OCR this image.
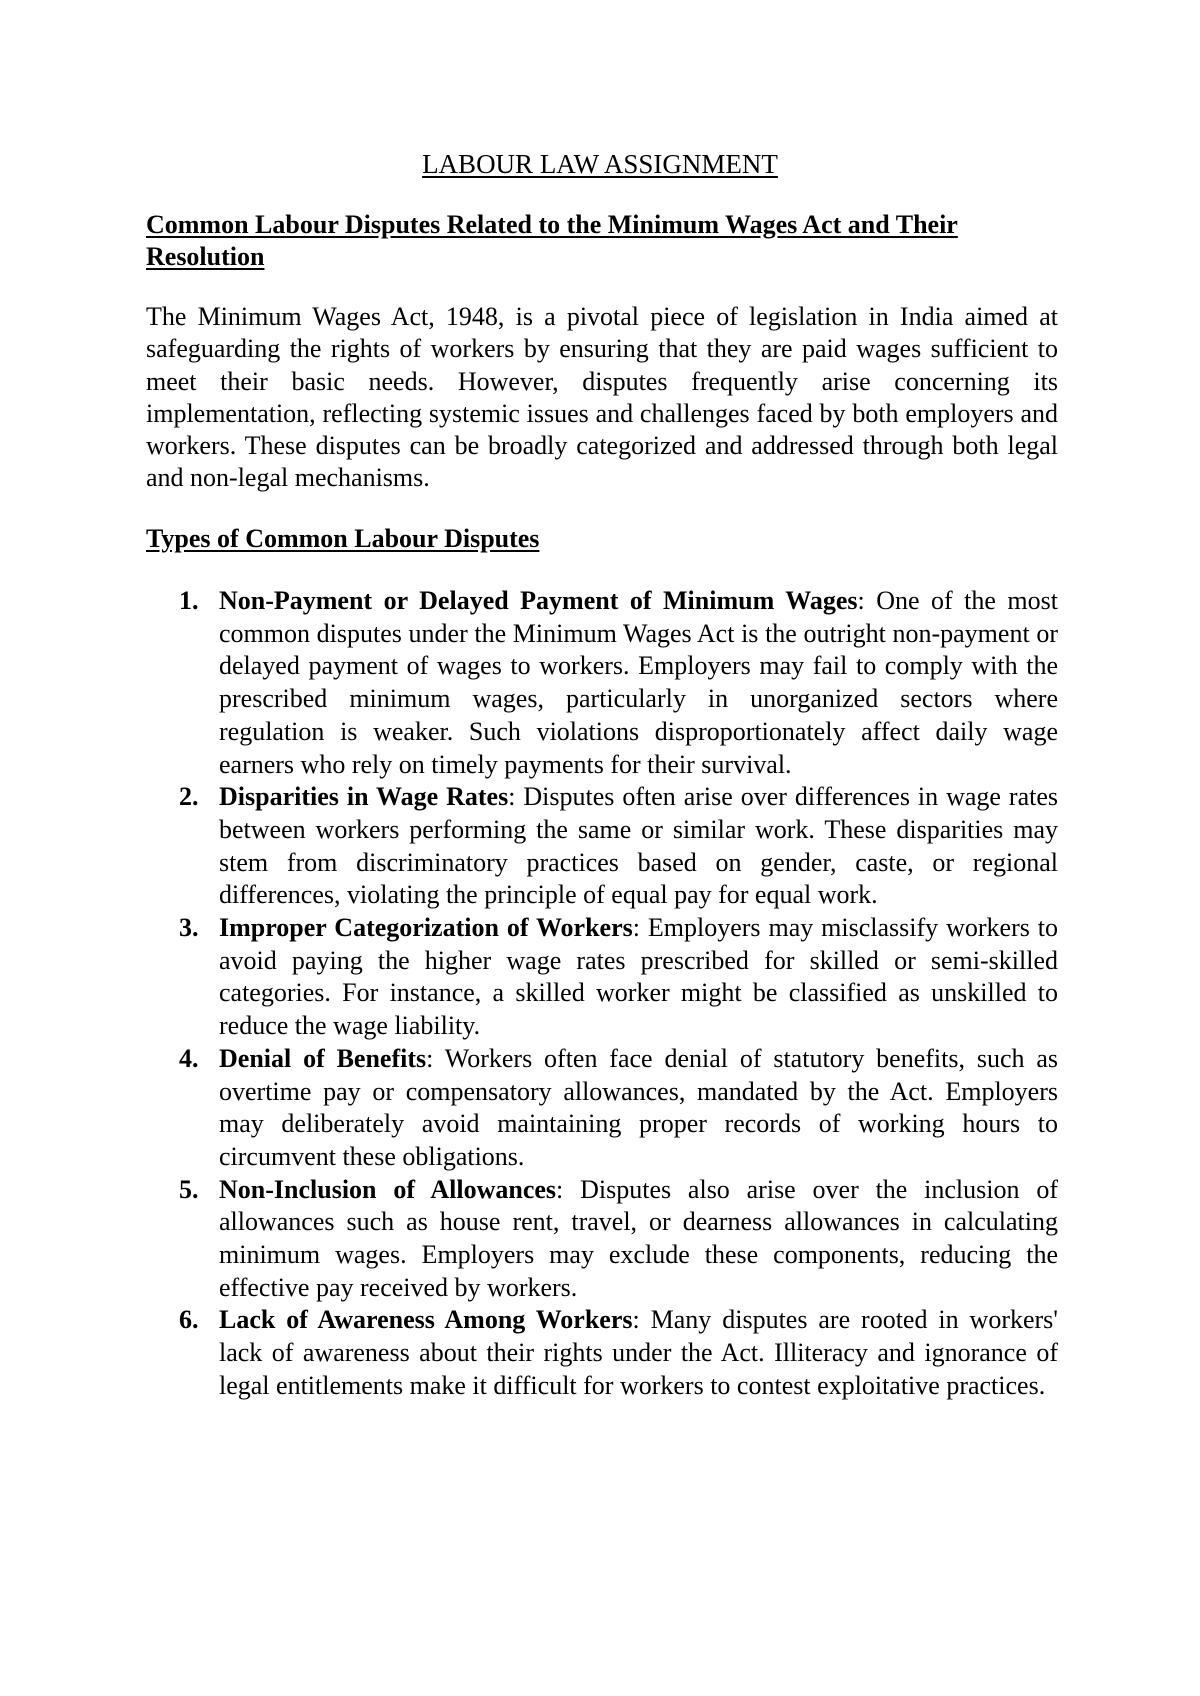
LABOUR LAW ASSIGNMENT
Common Labour Disputes Related to the Minimum Wages Act and Their Resolution

The Minimum Wages Act, 1948, is a pivotal piece of legislation in India aimed at safeguarding the rights of workers by ensuring that they are paid wages sufficient to meet their basic needs. However, disputes frequently arise concerning its implementation, reflecting systemic issues and challenges faced by both employers and workers. These disputes can be broadly categorized and addressed through both legal and non-legal mechanisms.

Types of Common Labour Disputes
1. Non-Payment or Delayed Payment of Minimum Wages: One of the most common disputes under the Minimum Wages Act is the outright non-payment or delayed payment of wages to workers. Employers may fail to comply with the prescribed minimum wages, particularly in unorganized sectors where regulation is weaker. Such violations disproportionately affect daily wage earners who rely on timely payments for their survival.
2. Disparities in Wage Rates: Disputes often arise over differences in wage rates between workers performing the same or similar work. These disparities may stem from discriminatory practices based on gender, caste, or regional differences, violating the principle of equal pay for equal work.
3. Improper Categorization of Workers: Employers may misclassify workers to avoid paying the higher wage rates prescribed for skilled or semi-skilled categories. For instance, a skilled worker might be classified as unskilled to reduce the wage liability.
4. Denial of Benefits: Workers often face denial of statutory benefits, such as overtime pay or compensatory allowances, mandated by the Act. Employers may deliberately avoid maintaining proper records of working hours to circumvent these obligations.
5. Non-Inclusion of Allowances: Disputes also arise over the inclusion of allowances such as house rent, travel, or dearness allowances in calculating minimum wages. Employers may exclude these components, reducing the effective pay received by workers.
6. Lack of Awareness Among Workers: Many disputes are rooted in workers' lack of awareness about their rights under the Act. Illiteracy and ignorance of legal entitlements make it difficult for workers to contest exploitative practices.
